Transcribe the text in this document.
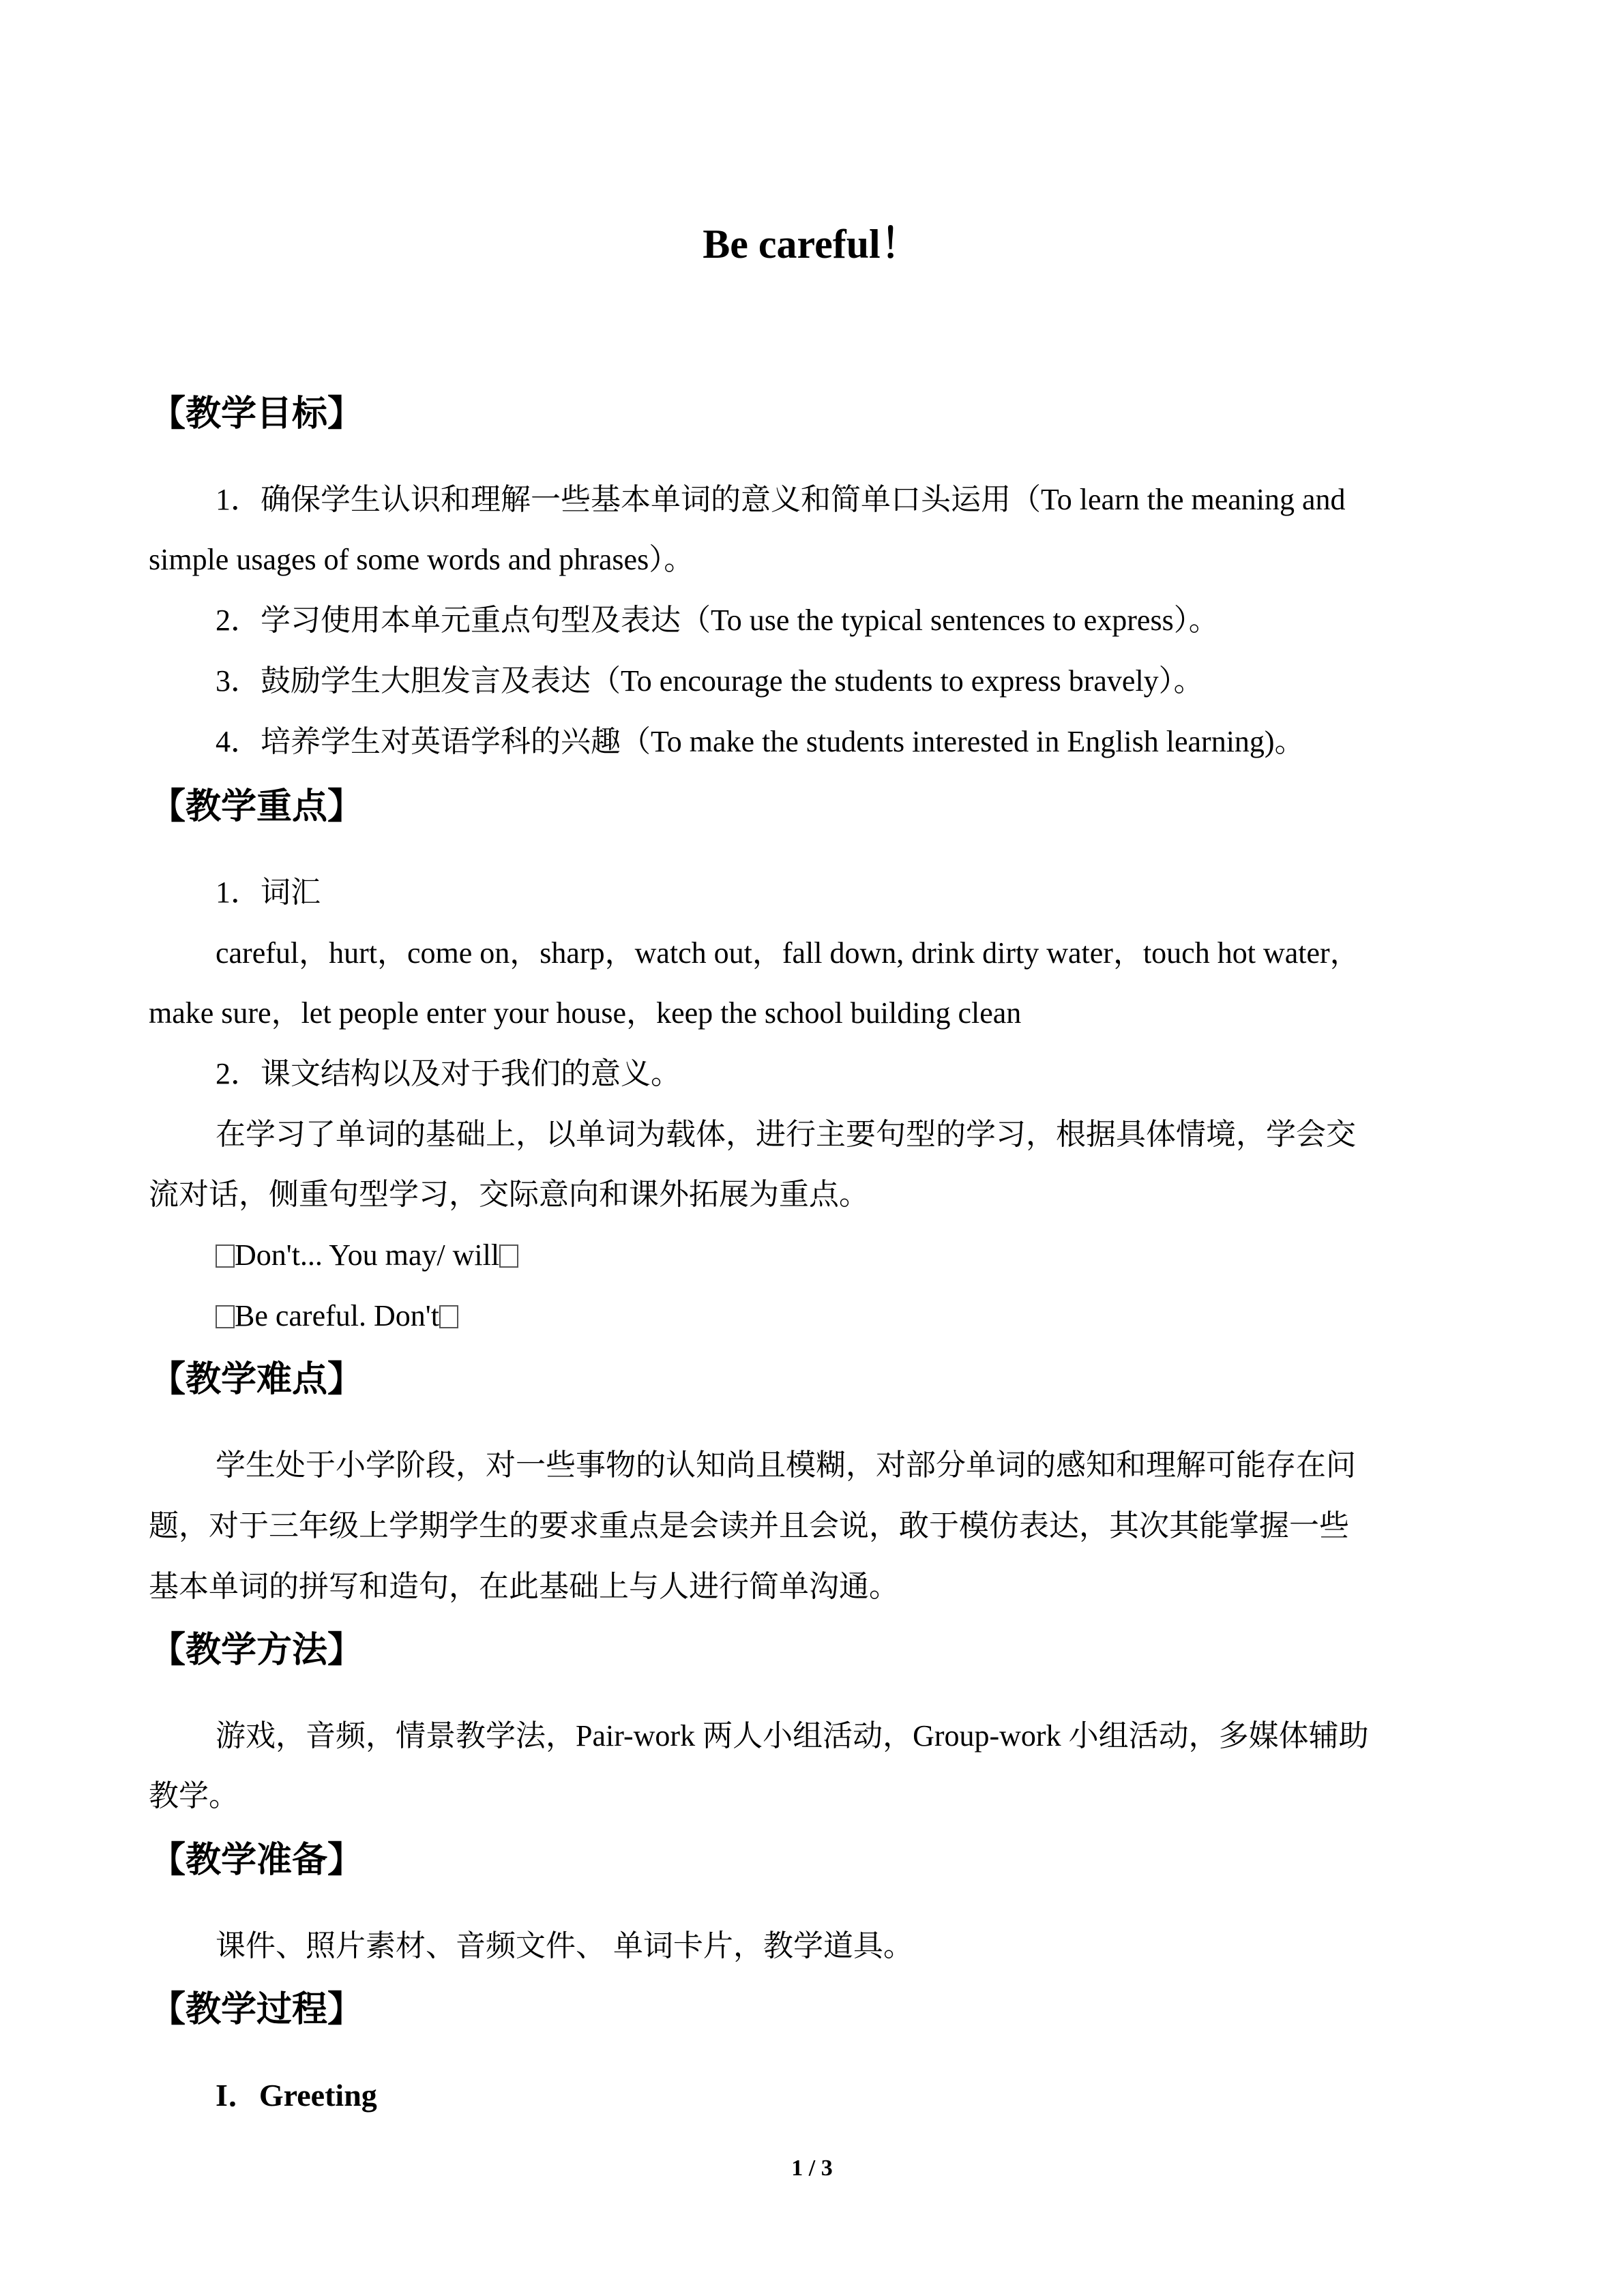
Be careful！
【教学目标】
1．确保学生认识和理解一些基本单词的意义和简单口头运用（To learn the meaning and
simple usages of some words and phrases）。
2．学习使用本单元重点句型及表达（To use the typical sentences to express）。
3．鼓励学生大胆发言及表达（To encourage the students to express bravely）。
4．培养学生对英语学科的兴趣（To make the students interested in English learning)。
【教学重点】
1．词汇
careful，hurt，come on，sharp，watch out，fall down, drink dirty water，touch hot water，
make sure，let people enter your house，keep the school building clean
2．课文结构以及对于我们的意义。
在学习了单词的基础上，以单词为载体，进行主要句型的学习，根据具体情境，学会交
流对话，侧重句型学习，交际意向和课外拓展为重点。
Don't... You may/ will
Be careful. Don't
【教学难点】
学生处于小学阶段，对一些事物的认知尚且模糊，对部分单词的感知和理解可能存在问
题，对于三年级上学期学生的要求重点是会读并且会说，敢于模仿表达，其次其能掌握一些
基本单词的拼写和造句，在此基础上与人进行简单沟通。
【教学方法】
游戏，音频，情景教学法，Pair-work 两人小组活动，Group-work 小组活动，多媒体辅助
教学。
【教学准备】
课件、照片素材、音频文件、 单词卡片，教学道具。
【教学过程】
I．Greeting
1 / 3
